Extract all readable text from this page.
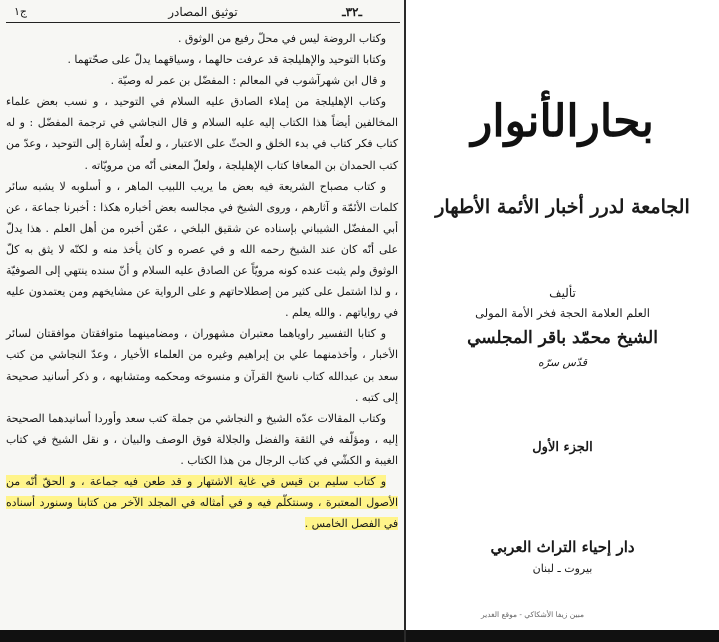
ـ٣٢ـ
توثيق المصادر
ج١

وكتاب الروضة ليس في محلّ رفيع من الوثوق .

وكتابا التوحيد والإهليلجة قد عرفت حالهما ، وسياقهما يدلّ على صحّتهما .

و قال ابن شهرآشوب في المعالم : المفضّل بن عمر له وصيّة .

وكتاب الإهليلجة من إملاء الصادق عليه السلام في التوحيد ، و نسب بعض علماء المخالفين أيضاً هذا الكتاب إليه عليه السلام و قال النجاشي في ترجمة المفضّل : و له كتاب فكر كتاب في بدء الخلق و الحثّ على الاعتبار ، و لعلّه إشارة إلى التوحيد ، وعدّ من كتب الحمدان بن المعافا كتاب الإهليلجة ، ولعلّ المعنى أنّه من مرويّاته .

و كتاب مصباح الشريعة فيه بعض ما يريب اللبيب الماهر ، و أسلوبه لا يشبه سائر كلمات الأئمّة و آثارهم ، وروى الشيخ في مجالسه بعض أخباره هكذا : أخبرنا جماعة ، عن أبي المفضّل الشيباني بإسناده عن شقيق البلخي ، عمّن أخبره من أهل العلم . هذا يدلّ على أنّه كان عند الشيخ رحمه الله و في عصره و كان يأخذ منه و لكنّه لا يثق به كلّ الوثوق ولم يثبت عنده كونه مرويّاً عن الصادق عليه السلام و أنّ سنده ينتهي إلى الصوفيّة ، و لذا اشتمل على كثير من إصطلاحاتهم و على الرواية عن مشايخهم ومن يعتمدون عليه في رواياتهم . والله يعلم .

و كتابا التفسير راوياهما معتبران مشهوران ، ومضامينهما متوافقتان موافقتان لسائر الأخبار ، وأخذمنهما علي بن إبراهيم وغيره من العلماء الأخيار ، وعدّ النجاشي من كتب سعد بن عبدالله كتاب ناسخ القرآن و منسوخه ومحكمه ومتشابهه ، و ذكر أسانيد صحيحة إلى كتبه .

وكتاب المقالات عدّه الشيخ و النجاشي من جملة كتب سعد وأوردا أسانيدهما الصحيحة إليه ، ومؤلّفه في الثقة والفضل والجلالة فوق الوصف والبيان ، و نقل الشيخ في كتاب الغيبة و الكشّي في كتاب الرجال من هذا الكتاب .

و كتاب سليم بن قيس في غاية الاشتهار و قد طعن فيه جماعة ، و الحقّ أنّه من الأصول المعتبرة ، وسنتكلّم فيه و في أمثاله في المجلد الآخر من كتابنا وسنورد أسناده في الفصل الخامس .

بحارالأنوار
الجامعة لدرر أخبار الأئمة الأطهار
تأليف
العلم العلامة الحجة فخر الأمة المولى
الشيخ محمّد باقر المجلسي
قدّس سرّه
الجزء الأول
دار إحياء التراث العربي
بيروت ـ لبنان
مبين زيفا الأشكاكي - موقع الغدير
